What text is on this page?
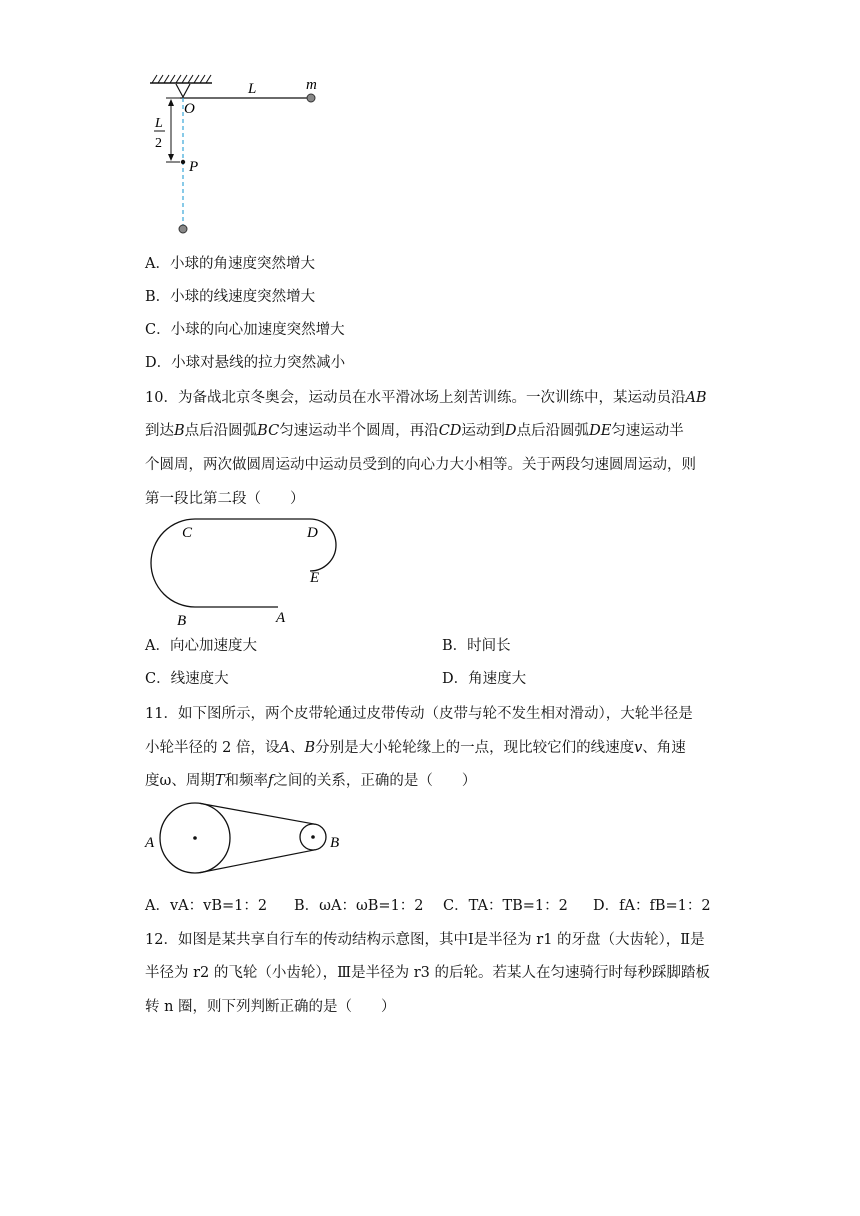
L
2
O
L	m
P
A．小球的角速度突然增大
B．小球的线速度突然增大
C．小球的向心加速度突然增大
D．小球对悬线的拉力突然减小
10．为备战北京冬奥会，运动员在水平滑冰场上刻苦训练。一次训练中，某运动员沿AB
到达B点后沿圆弧BC匀速运动半个圆周，再沿CD运动到D点后沿圆弧DE匀速运动半
个圆周，两次做圆周运动中运动员受到的向心力大小相等。关于两段匀速圆周运动，则
第一段比第二段（　　）
C	D
E
B	A
A．向心加速度大	B．时间长
C．线速度大	D．角速度大
11．如下图所示，两个皮带轮通过皮带传动（皮带与轮不发生相对滑动），大轮半径是
小轮半径的 2 倍，设A、B分别是大小轮轮缘上的一点，现比较它们的线速度v、角速
度ω、周期T和频率f之间的关系，正确的是（　　）
A	B
A．vA：vB=1：2 B．ωA：ωB=1：2 C．TA：TB=1：2 D．fA：fB=1：2
12．如图是某共享自行车的传动结构示意图，其中Ⅰ是半径为 r1 的牙盘（大齿轮），Ⅱ是
半径为 r2 的飞轮（小齿轮），Ⅲ是半径为 r3 的后轮。若某人在匀速骑行时每秒踩脚踏板
转 n 圈，则下列判断正确的是（　　）
